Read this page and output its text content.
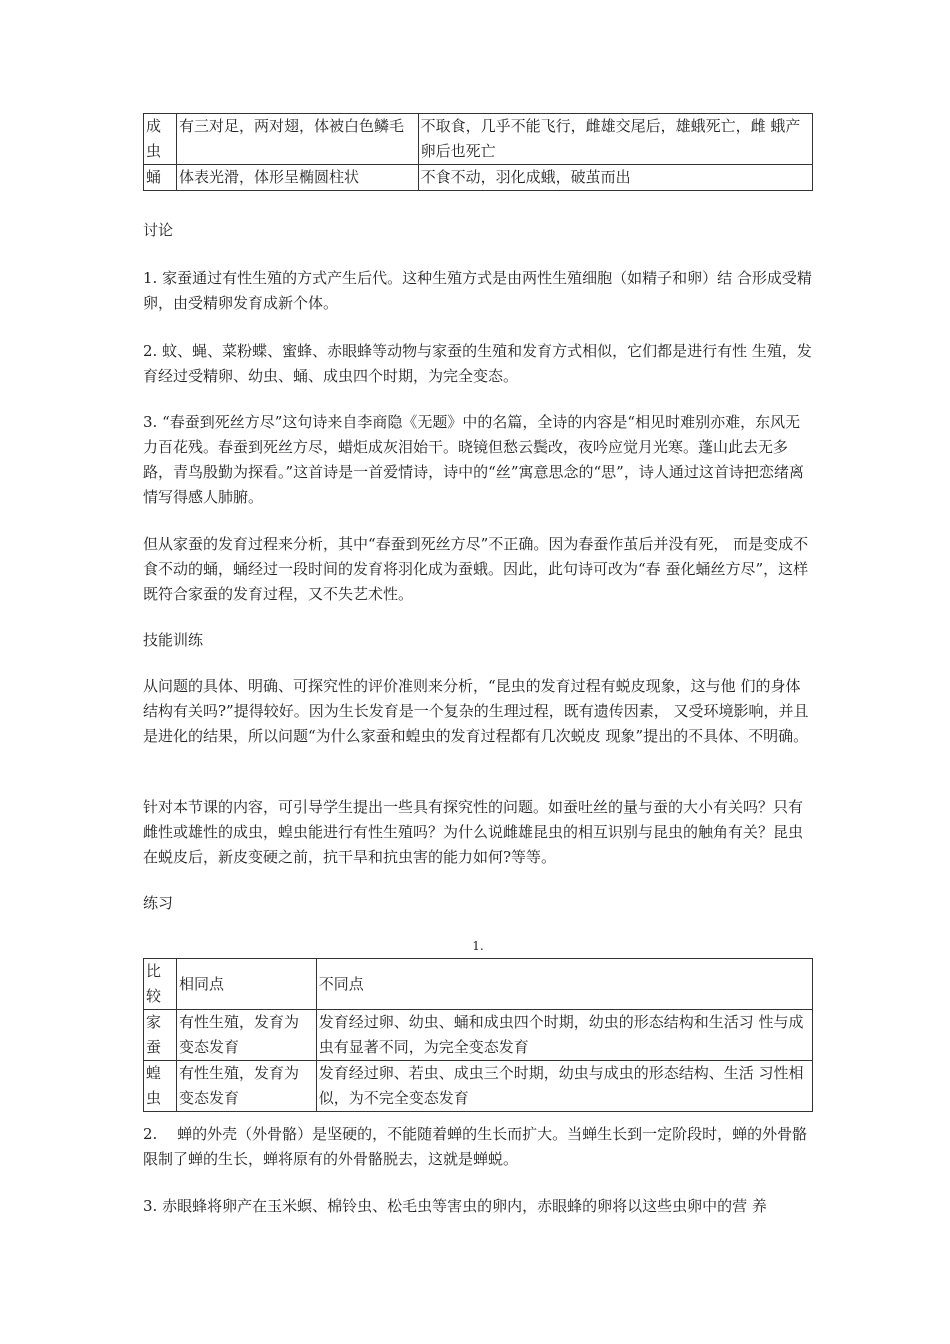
成虫	有三对足，两对翅，体被白色鳞毛	不取食，几乎不能飞行，雌雄交尾后，雄蛾死亡，雌 蛾产卵后也死亡
蛹	体表光滑，体形呈椭圆柱状	不食不动，羽化成蛾，破茧而出

讨论

1. 家蚕通过有性生殖的方式产生后代。这种生殖方式是由两性生殖细胞（如精子和卵）结 合形成受精卵，由受精卵发育成新个体。

2. 蚊、蝇、菜粉蝶、蜜蜂、赤眼蜂等动物与家蚕的生殖和发育方式相似，它们都是进行有性 生殖，发育经过受精卵、幼虫、蛹、成虫四个时期，为完全变态。

3. “春蚕到死丝方尽”这句诗来自李商隐《无题》中的名篇，全诗的内容是“相见时难别亦难，东风无力百花残。春蚕到死丝方尽，蜡炬成灰泪始干。晓镜但愁云鬓改，夜吟应觉月光寒。蓬山此去无多路，青鸟殷勤为探看。”这首诗是一首爱情诗，诗中的“丝”寓意思念的“思”，诗人通过这首诗把恋绪离情写得感人肺腑。

但从家蚕的发育过程来分析，其中“春蚕到死丝方尽”不正确。因为春蚕作茧后并没有死， 而是变成不食不动的蛹，蛹经过一段时间的发育将羽化成为蚕蛾。因此，此句诗可改为“春 蚕化蛹丝方尽”，这样既符合家蚕的发育过程，又不失艺术性。

技能训练

从问题的具体、明确、可探究性的评价准则来分析，“昆虫的发育过程有蜕皮现象，这与他 们的身体结构有关吗?”提得较好。因为生长发育是一个复杂的生理过程，既有遗传因素， 又受环境影响，并且是进化的结果，所以问题“为什么家蚕和蝗虫的发育过程都有几次蜕皮 现象”提出的不具体、不明确。

针对本节课的内容，可引导学生提出一些具有探究性的问题。如蚕吐丝的量与蚕的大小有关吗？只有雌性或雄性的成虫，蝗虫能进行有性生殖吗？为什么说雌雄昆虫的相互识别与昆虫的触角有关？昆虫在蜕皮后，新皮变硬之前，抗干旱和抗虫害的能力如何?等等。

练习

1.
比较	相同点	不同点
家蚕	有性生殖，发育为变态发育	发育经过卵、幼虫、蛹和成虫四个时期，幼虫的形态结构和生活习 性与成虫有显著不同，为完全变态发育
蝗虫	有性生殖，发育为变态发育	发育经过卵、若虫、成虫三个时期，幼虫与成虫的形态结构、生活 习性相似，为不完全变态发育

2.　 蝉的外壳（外骨骼）是坚硬的，不能随着蝉的生长而扩大。当蝉生长到一定阶段时，蝉的外骨骼限制了蝉的生长，蝉将原有的外骨骼脱去，这就是蝉蜕。

3. 赤眼蜂将卵产在玉米螟、棉铃虫、松毛虫等害虫的卵内，赤眼蜂的卵将以这些虫卵中的营 养
